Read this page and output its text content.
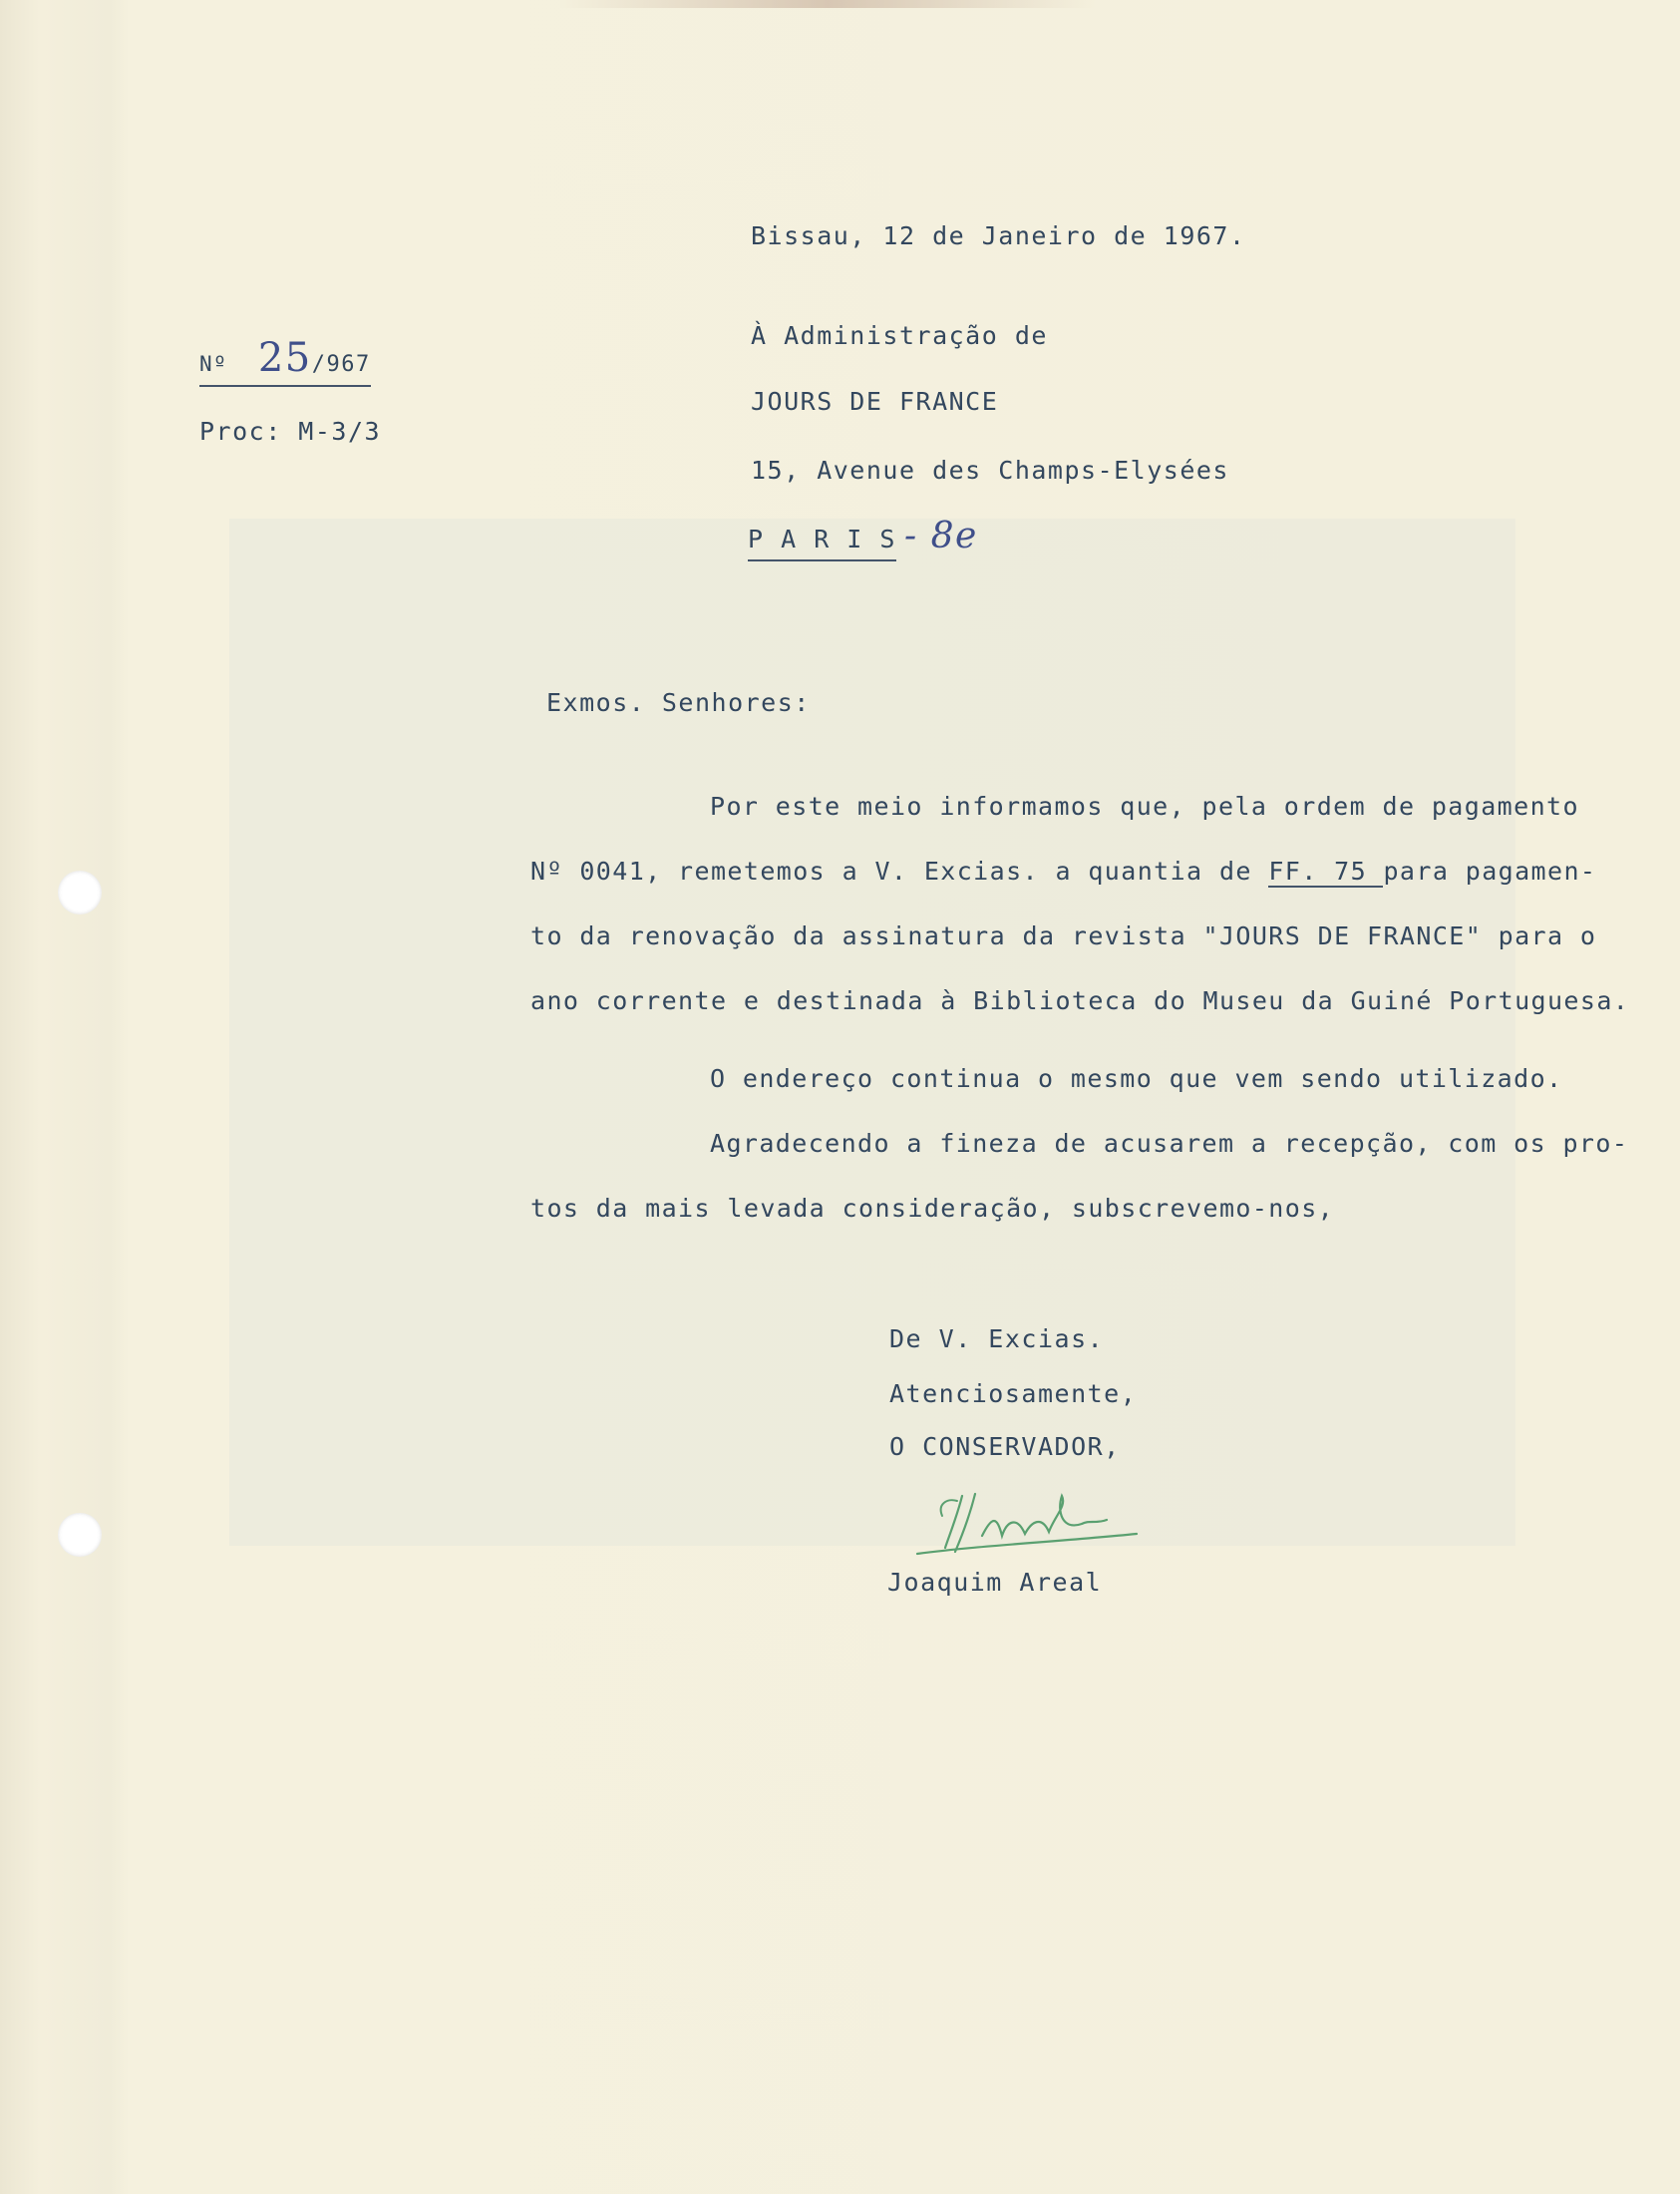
Bissau, 12 de Janeiro de 1967.
Nº 25/967
Proc: M-3/3
À Administração de
JOURS DE FRANCE
15, Avenue des Champs-Elysées
P A R I S - 8e
Exmos. Senhores:
Por este meio informamos que, pela ordem de pagamento
Nº 0041, remetemos a V. Excias. a quantia de FF. 75 para pagamen-
to da renovação da assinatura da revista "JOURS DE FRANCE" para o
ano corrente e destinada à Biblioteca do Museu da Guiné Portuguesa.
O endereço continua o mesmo que vem sendo utilizado.
Agradecendo a fineza de acusarem a recepção, com os pro-
tos da mais levada consideração, subscrevemo-nos,
De V. Excias.
Atenciosamente,
O CONSERVADOR,
Joaquim Areal
